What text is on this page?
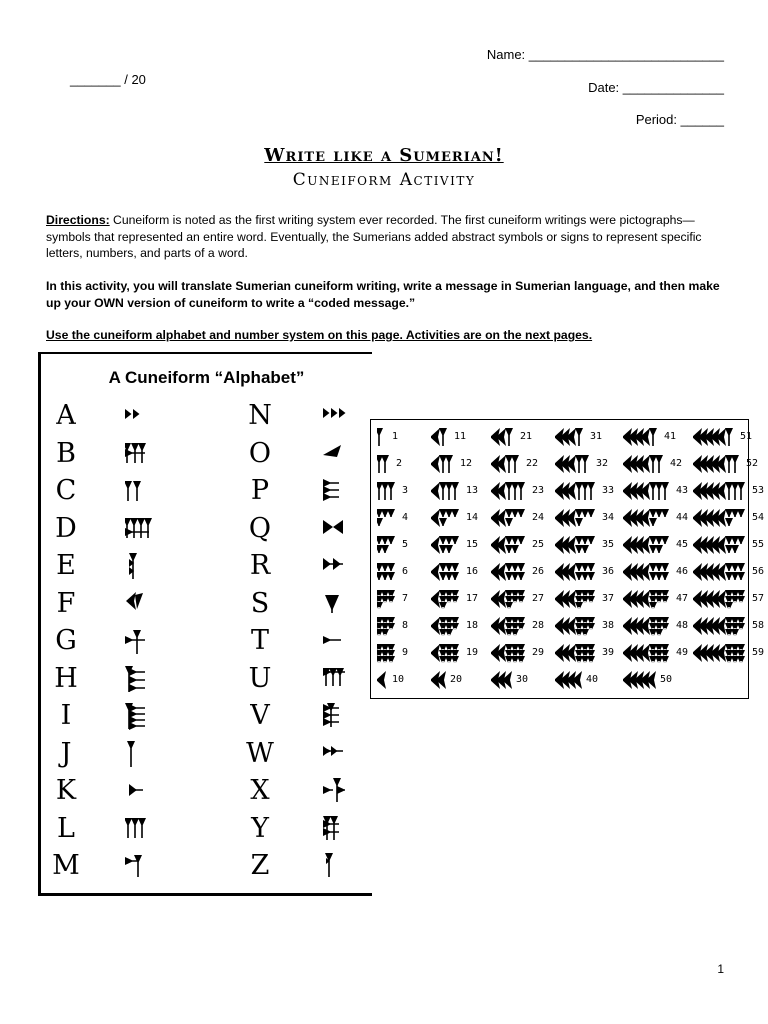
Name: ___________________________
_______ / 20
Date: ______________
Period: ______
Write like a Sumerian!
Cuneiform Activity
Directions: Cuneiform is noted as the first writing system ever recorded. The first cuneiform writings were pictographs—symbols that represented an entire word. Eventually, the Sumerians added abstract symbols or signs to represent specific letters, numbers, and parts of a word.
In this activity, you will translate Sumerian cuneiform writing, write a message in Sumerian language, and then make up your OWN version of cuneiform to write a “coded message.”
Use the cuneiform alphabet and number system on this page. Activities are on the next pages.
A Cuneiform “Alphabet”
A
B
C
D
E
F
G
H
I
J
K
L
M
N
O
P
Q
R
S
T
U
V
W
X
Y
Z
1
2
3
4
5
6
7
8
9
10
11
12
13
14
15
16
17
18
19
20
21
22
23
24
25
26
27
28
29
30
31
32
33
34
35
36
37
38
39
40
41
42
43
44
45
46
47
48
49
50
51
52
53
54
55
56
57
58
59
1
